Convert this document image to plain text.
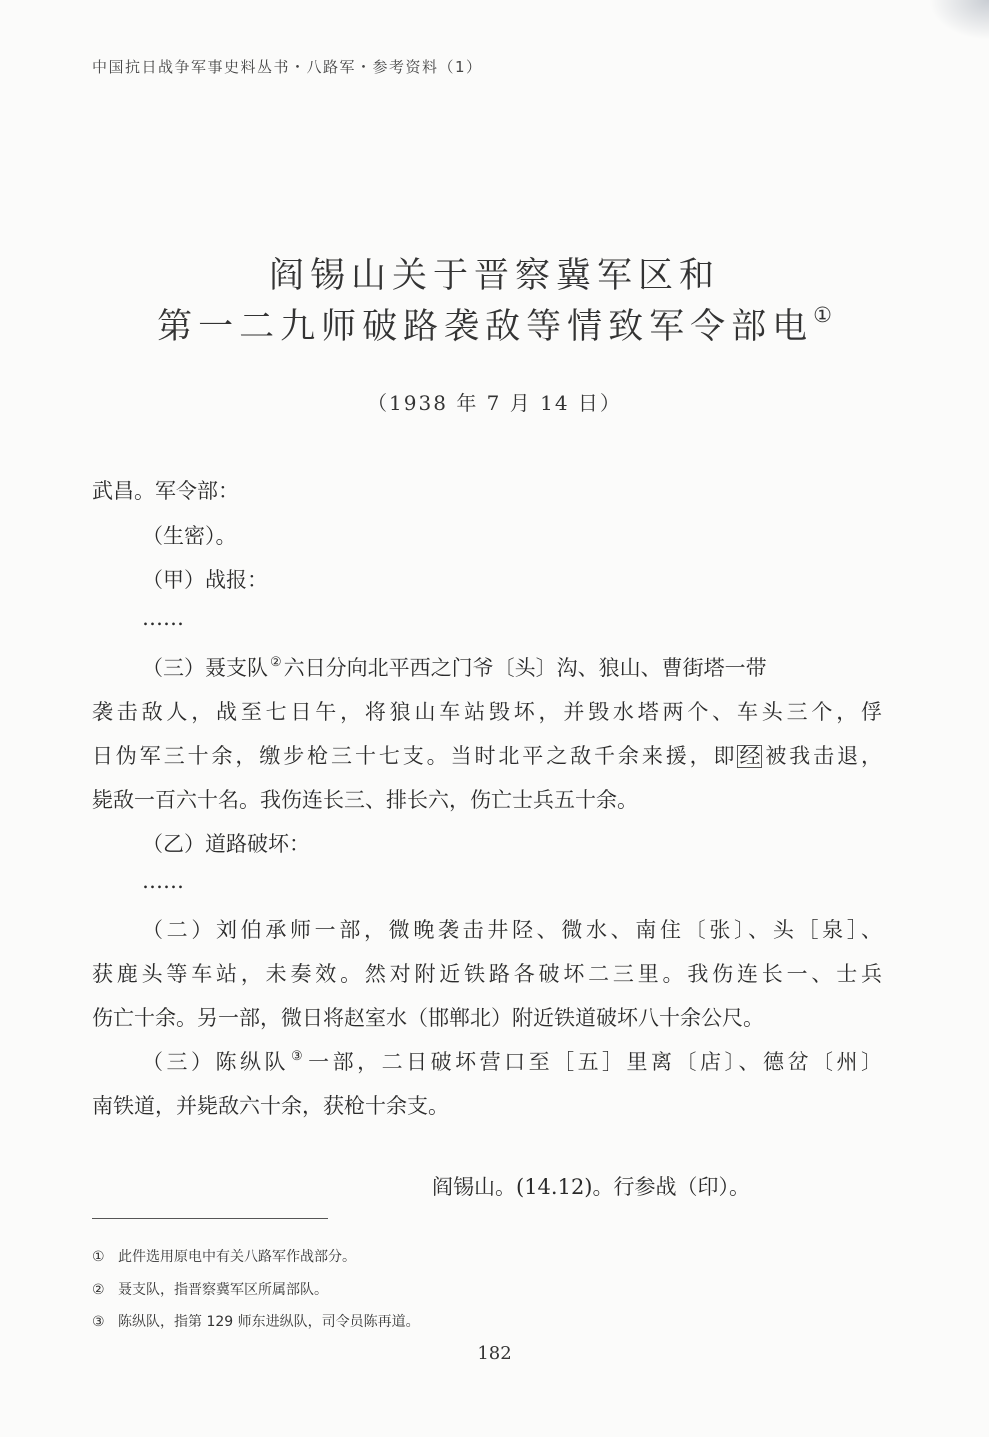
中国抗日战争军事史料丛书・八路军・参考资料（1）
阎锡山关于晋察冀军区和
第一二九师破路袭敌等情致军令部电①
（1938 年 7 月 14 日）
武昌。军令部：
（生密）。
（甲）战报：
……
（三）聂支队 ②六日分向北平西之门爷〔头〕沟、狼山、曹街塔一带
袭击敌人，战至七日午，将狼山车站毁坏，并毁水塔两个、车头三个，俘
日伪军三十余，缴步枪三十七支。当时北平之敌千余来援，即经被我击退，
毙敌一百六十名。我伤连长三、排长六，伤亡士兵五十余。
（乙）道路破坏：
……
（二）刘伯承师一部，微晚袭击井陉、微水、南住〔张〕、头［泉］、
获鹿头等车站，未奏效。然对附近铁路各破坏二三里。我伤连长一、士兵
伤亡十余。另一部，微日将赵室水（邯郸北）附近铁道破坏八十余公尺。
（三）陈纵队 ③一部，二日破坏营口至［五］里离〔店〕、德岔〔州〕
南铁道，并毙敌六十余，获枪十余支。
阎锡山。(14.12)。行参战（印）。
① 此件选用原电中有关八路军作战部分。
② 聂支队，指晋察冀军区所属部队。
③ 陈纵队，指第 129 师东进纵队，司令员陈再道。
182
